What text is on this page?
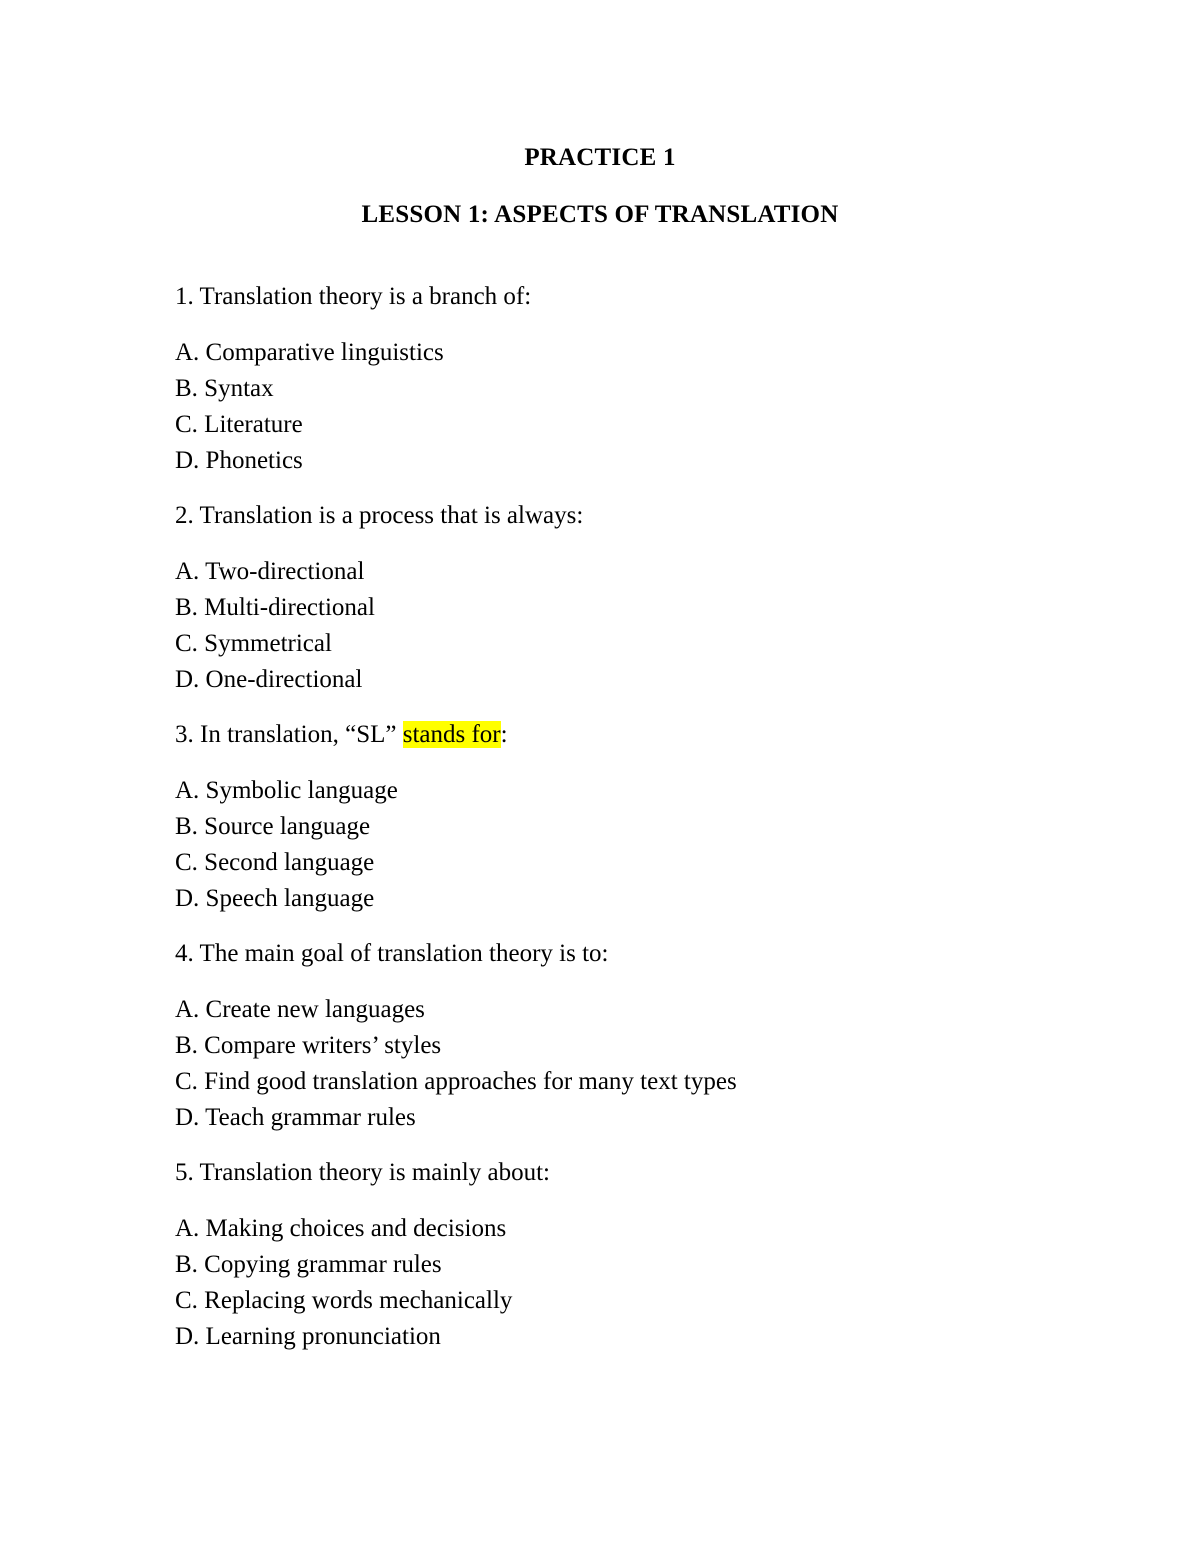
PRACTICE 1
LESSON 1: ASPECTS OF TRANSLATION
1. Translation theory is a branch of:
A. Comparative linguistics
B. Syntax
C. Literature
D. Phonetics
2. Translation is a process that is always:
A. Two-directional
B. Multi-directional
C. Symmetrical
D. One-directional
3. In translation, “SL” stands for:
A. Symbolic language
B. Source language
C. Second language
D. Speech language
4. The main goal of translation theory is to:
A. Create new languages
B. Compare writers’ styles
C. Find good translation approaches for many text types
D. Teach grammar rules
5. Translation theory is mainly about:
A. Making choices and decisions
B. Copying grammar rules
C. Replacing words mechanically
D. Learning pronunciation
